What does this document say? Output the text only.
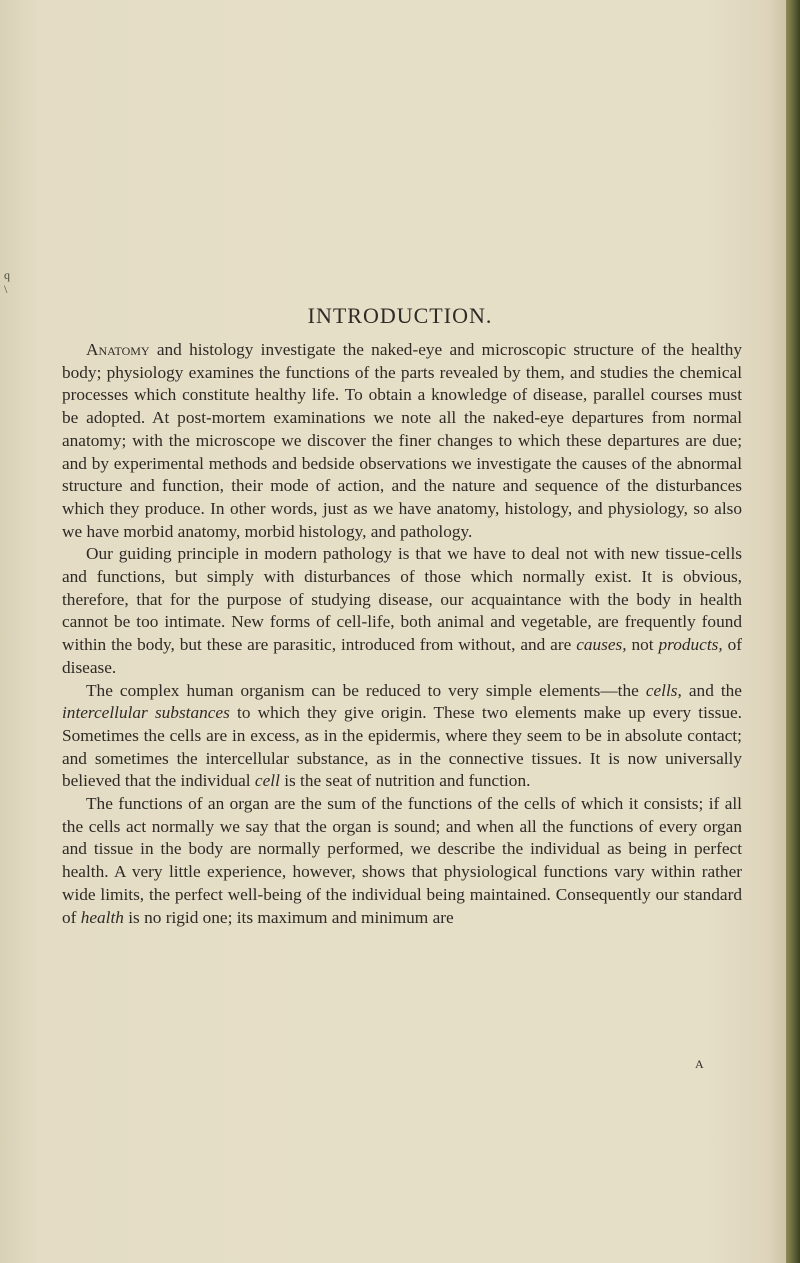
q
\
INTRODUCTION.

Anatomy and histology investigate the naked-eye and microscopic structure of the healthy body; physiology examines the functions of the parts revealed by them, and studies the chemical processes which constitute healthy life. To obtain a knowledge of disease, parallel courses must be adopted. At post-mortem examinations we note all the naked-eye departures from normal anatomy; with the microscope we discover the finer changes to which these departures are due; and by experimental methods and bedside observations we investigate the causes of the abnormal structure and function, their mode of action, and the nature and sequence of the disturbances which they produce. In other words, just as we have anatomy, histology, and physiology, so also we have morbid anatomy, morbid histology, and pathology.

Our guiding principle in modern pathology is that we have to deal not with new tissue-cells and functions, but simply with disturbances of those which normally exist. It is obvious, therefore, that for the purpose of studying disease, our acquaintance with the body in health cannot be too intimate. New forms of cell-life, both animal and vegetable, are frequently found within the body, but these are parasitic, introduced from without, and are causes, not products, of disease.

The complex human organism can be reduced to very simple elements—the cells, and the intercellular substances to which they give origin. These two elements make up every tissue. Sometimes the cells are in excess, as in the epidermis, where they seem to be in absolute contact; and sometimes the intercellular substance, as in the connective tissues. It is now universally believed that the individual cell is the seat of nutrition and function.

The functions of an organ are the sum of the functions of the cells of which it consists; if all the cells act normally we say that the organ is sound; and when all the functions of every organ and tissue in the body are normally performed, we describe the individual as being in perfect health. A very little experience, however, shows that physiological functions vary within rather wide limits, the perfect well-being of the individual being maintained. Consequently our standard of health is no rigid one; its maximum and minimum are

A
